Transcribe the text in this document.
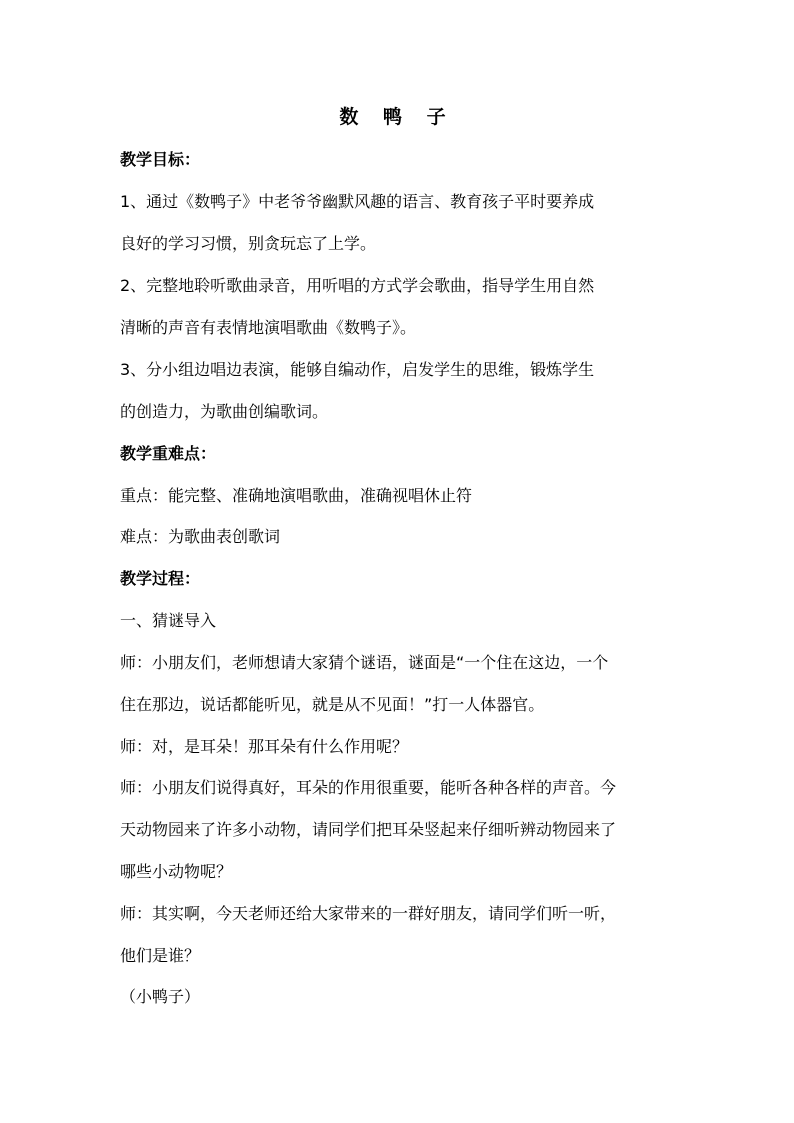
数 鸭 子
教学目标：
1、通过《数鸭子》中老爷爷幽默风趣的语言、教育孩子平时要养成
良好的学习习惯，别贪玩忘了上学。
2、完整地聆听歌曲录音，用听唱的方式学会歌曲，指导学生用自然
清晰的声音有表情地演唱歌曲《数鸭子》。
3、分小组边唱边表演，能够自编动作，启发学生的思维，锻炼学生
的创造力，为歌曲创编歌词。
教学重难点：
重点：能完整、准确地演唱歌曲，准确视唱休止符
难点：为歌曲表创歌词
教学过程：
一、猜谜导入
师：小朋友们，老师想请大家猜个谜语，谜面是“一个住在这边，一个
住在那边，说话都能听见，就是从不见面！”打一人体器官。
师：对，是耳朵！那耳朵有什么作用呢？
师：小朋友们说得真好，耳朵的作用很重要，能听各种各样的声音。今
天动物园来了许多小动物，请同学们把耳朵竖起来仔细听辨动物园来了
哪些小动物呢？
师：其实啊，今天老师还给大家带来的一群好朋友，请同学们听一听，
他们是谁？
（小鸭子）
